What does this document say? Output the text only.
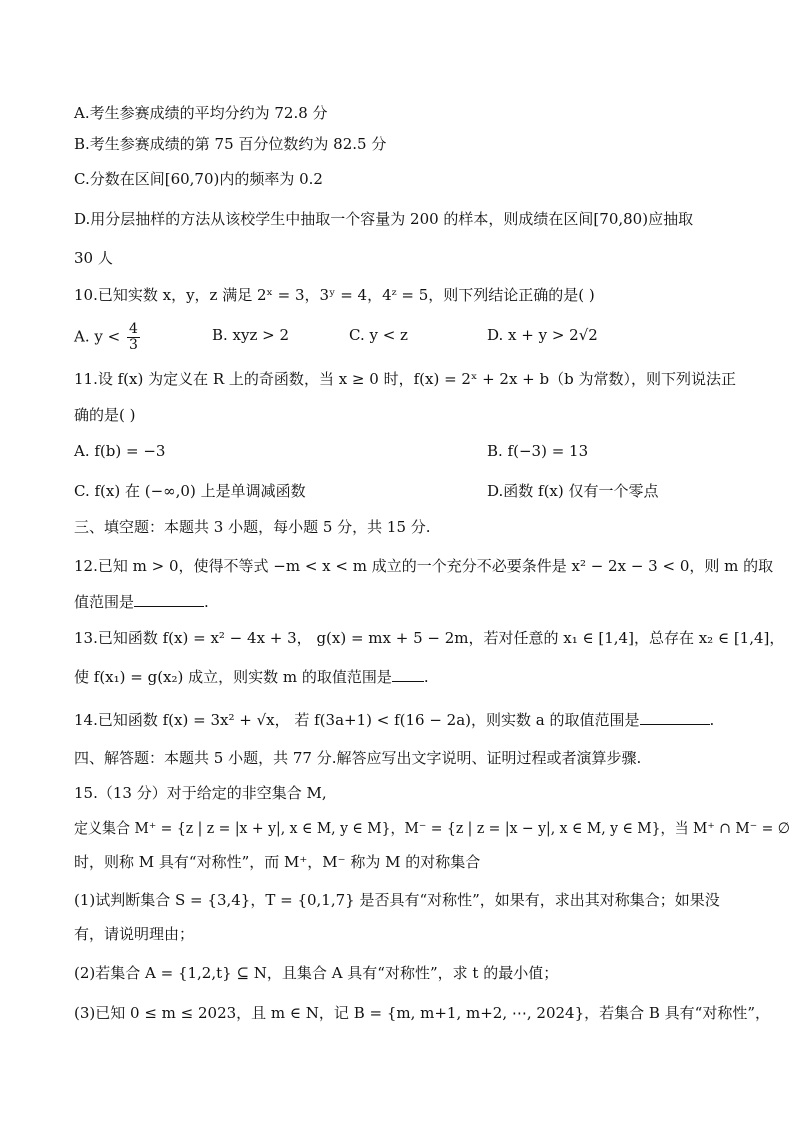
A.考生参赛成绩的平均分约为 72.8 分
B.考生参赛成绩的第 75 百分位数约为 82.5 分
C.分数在区间[60,70)内的频率为 0.2
D.用分层抽样的方法从该校学生中抽取一个容量为 200 的样本，则成绩在区间[70,80)应抽取
30 人
10.已知实数 x，y，z 满足 2ˣ = 3，3ʸ = 4，4ᶻ = 5，则下列结论正确的是( )
A. $y < \frac{4}{3}$	B. xyz > 2	C. y < z	D. x + y > 2√2
11.设 f(x) 为定义在 R 上的奇函数，当 x ≥ 0 时，f(x) = 2ˣ + 2x + b（b 为常数），则下列说法正
确的是( )
A. f(b) = −3	B. f(−3) = 13
C. f(x) 在 (−∞,0) 上是单调减函数	D.函数 f(x) 仅有一个零点
三、填空题：本题共 3 小题，每小题 5 分，共 15 分.
12.已知 m > 0，使得不等式 −m < x < m 成立的一个充分不必要条件是 x² − 2x − 3 < 0，则 m 的取
值范围是	.
13.已知函数 f(x) = x² − 4x + 3， g(x) = mx + 5 − 2m，若对任意的 x₁ ∈ [1,4]，总存在 x₂ ∈ [1,4]，
使 f(x₁) = g(x₂) 成立，则实数 m 的取值范围是 .
14.已知函数 f(x) = 3x² + √x， 若 f(3a+1) < f(16 − 2a)，则实数 a 的取值范围是	.
四、解答题：本题共 5 小题，共 77 分.解答应写出文字说明、证明过程或者演算步骤.
15.（13 分）对于给定的非空集合 M,
定义集合 M⁺ = {z | z = |x + y|, x ∈ M, y ∈ M}，M⁻ = {z | z = |x − y|, x ∈ M, y ∈ M}，当 M⁺ ∩ M⁻ = ∅
时，则称 M 具有“对称性”，而 M⁺，M⁻ 称为 M 的对称集合
(1)试判断集合 S = {3,4}，T = {0,1,7} 是否具有“对称性”，如果有，求出其对称集合；如果没
有，请说明理由；
(2)若集合 A = {1,2,t} ⊆ N，且集合 A 具有“对称性”，求 t 的最小值；
(3)已知 0 ≤ m ≤ 2023，且 m ∈ N，记 B = {m, m+1, m+2, ⋯, 2024}，若集合 B 具有“对称性”，
